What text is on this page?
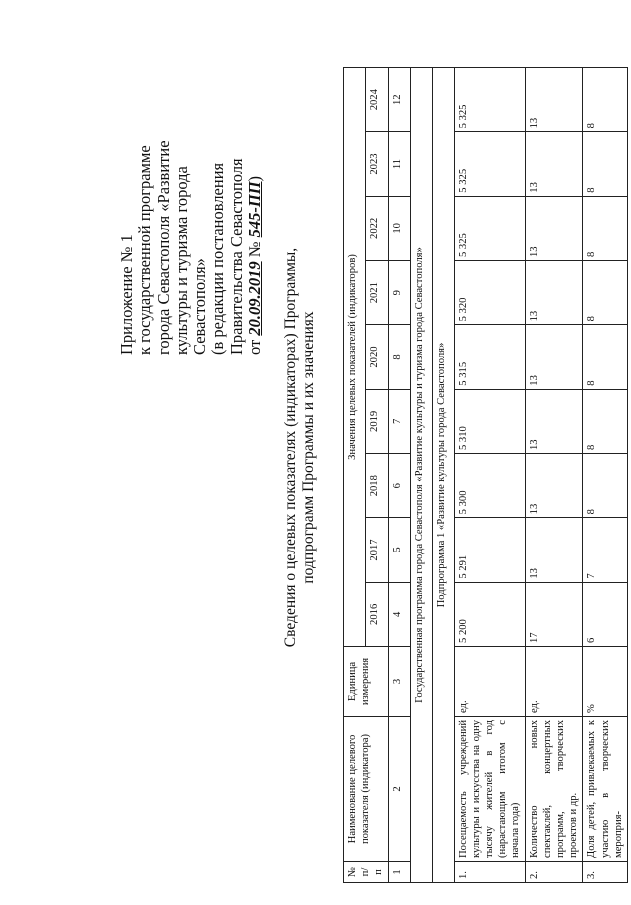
Приложение № 1 к государственной программе города Севастополя «Развитие культуры и туризма города Севастополя» (в редакции постановления Правительства Севастополя от 20.09.2019 № 545-ПП)
Сведения о целевых показателях (индикаторах) Программы, подпрограмм Программы и их значениях
№ п/п	Наименование целевого показателя (индикатора)	Единица измерения	Значения целевых показателей (индикаторов)								
			2016	2017	2018	2019	2020	2021	2022	2023	2024
1	2	3	4	5	6	7	8	9	10	11	12
Государственная программа города Севастополя «Развитие культуры и туризма города Севастополя»											
Подпрограмма 1 «Развитие культуры города Севастополя»											
1.	Посещаемость учреждений культуры и искусства на одну тысячу жителей в год (нарастающим итогом с начала года)	ед.	5 200	5 291	5 300	5 310	5 315	5 320	5 325	5 325	5 325
2.	Количество новых спектаклей, концертных программ, творческих проектов и др.	ед.	17	13	13	13	13	13	13	13	13
3.	Доля детей, привлекаемых к участию в творческих мероприя-	%	6	7	8	8	8	8	8	8	8
